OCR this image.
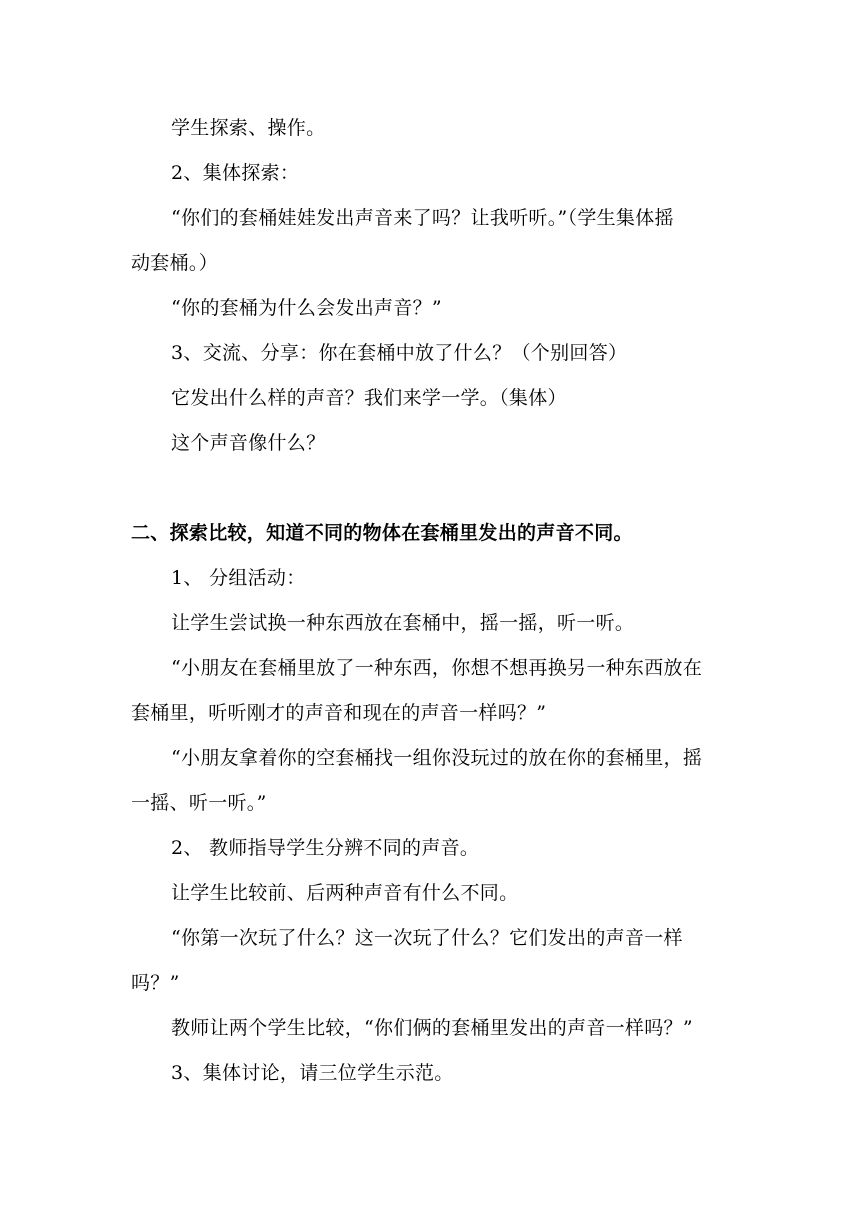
学生探索、操作。
2、集体探索：
“你们的套桶娃娃发出声音来了吗？让我听听。”（学生集体摇
动套桶。）
“你的套桶为什么会发出声音？”
3、交流、分享：你在套桶中放了什么？（个别回答）
它发出什么样的声音？我们来学一学。（集体）
这个声音像什么？
二、探索比较，知道不同的物体在套桶里发出的声音不同。
1、 分组活动：
让学生尝试换一种东西放在套桶中，摇一摇，听一听。
“小朋友在套桶里放了一种东西，你想不想再换另一种东西放在
套桶里，听听刚才的声音和现在的声音一样吗？”
“小朋友拿着你的空套桶找一组你没玩过的放在你的套桶里，摇
一摇、听一听。”
2、 教师指导学生分辨不同的声音。
让学生比较前、后两种声音有什么不同。
“你第一次玩了什么？这一次玩了什么？它们发出的声音一样
吗？”
教师让两个学生比较，“你们俩的套桶里发出的声音一样吗？”
3、集体讨论，请三位学生示范。
